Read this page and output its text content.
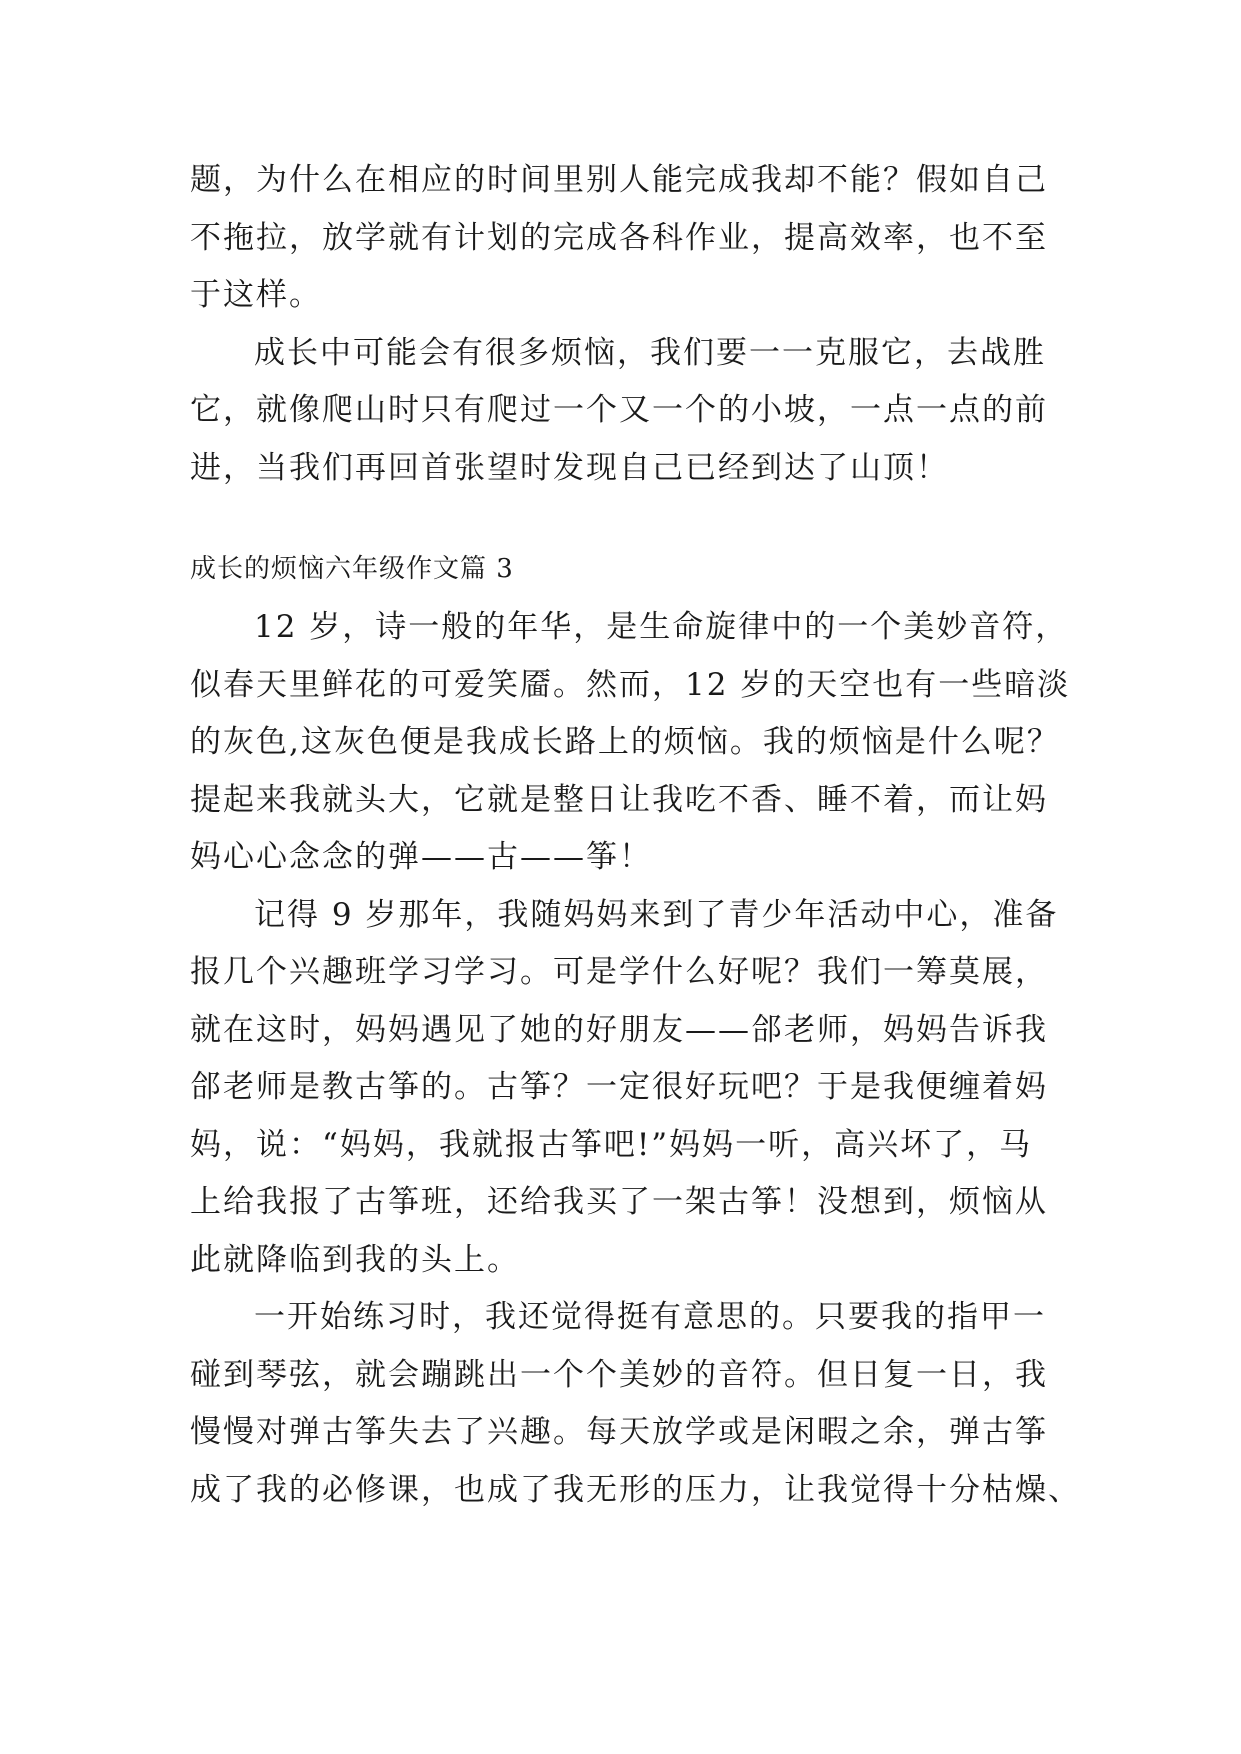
题，为什么在相应的时间里别人能完成我却不能？假如自己
不拖拉，放学就有计划的完成各科作业，提高效率，也不至
于这样。
成长中可能会有很多烦恼，我们要一一克服它，去战胜
它，就像爬山时只有爬过一个又一个的小坡，一点一点的前
进，当我们再回首张望时发现自己已经到达了山顶！
成长的烦恼六年级作文篇 3
12 岁，诗一般的年华，是生命旋律中的一个美妙音符，
似春天里鲜花的可爱笑靥。然而，12 岁的天空也有一些暗淡
的灰色,这灰色便是我成长路上的烦恼。我的烦恼是什么呢？
提起来我就头大，它就是整日让我吃不香、睡不着，而让妈
妈心心念念的弹——古——筝！
记得 9 岁那年，我随妈妈来到了青少年活动中心，准备
报几个兴趣班学习学习。可是学什么好呢？我们一筹莫展，
就在这时，妈妈遇见了她的好朋友——郃老师，妈妈告诉我
郃老师是教古筝的。古筝？一定很好玩吧？于是我便缠着妈
妈，说：“妈妈，我就报古筝吧!”妈妈一听，高兴坏了，马
上给我报了古筝班，还给我买了一架古筝！没想到，烦恼从
此就降临到我的头上。
一开始练习时，我还觉得挺有意思的。只要我的指甲一
碰到琴弦，就会蹦跳出一个个美妙的音符。但日复一日，我
慢慢对弹古筝失去了兴趣。每天放学或是闲暇之余，弹古筝
成了我的必修课，也成了我无形的压力，让我觉得十分枯燥、
